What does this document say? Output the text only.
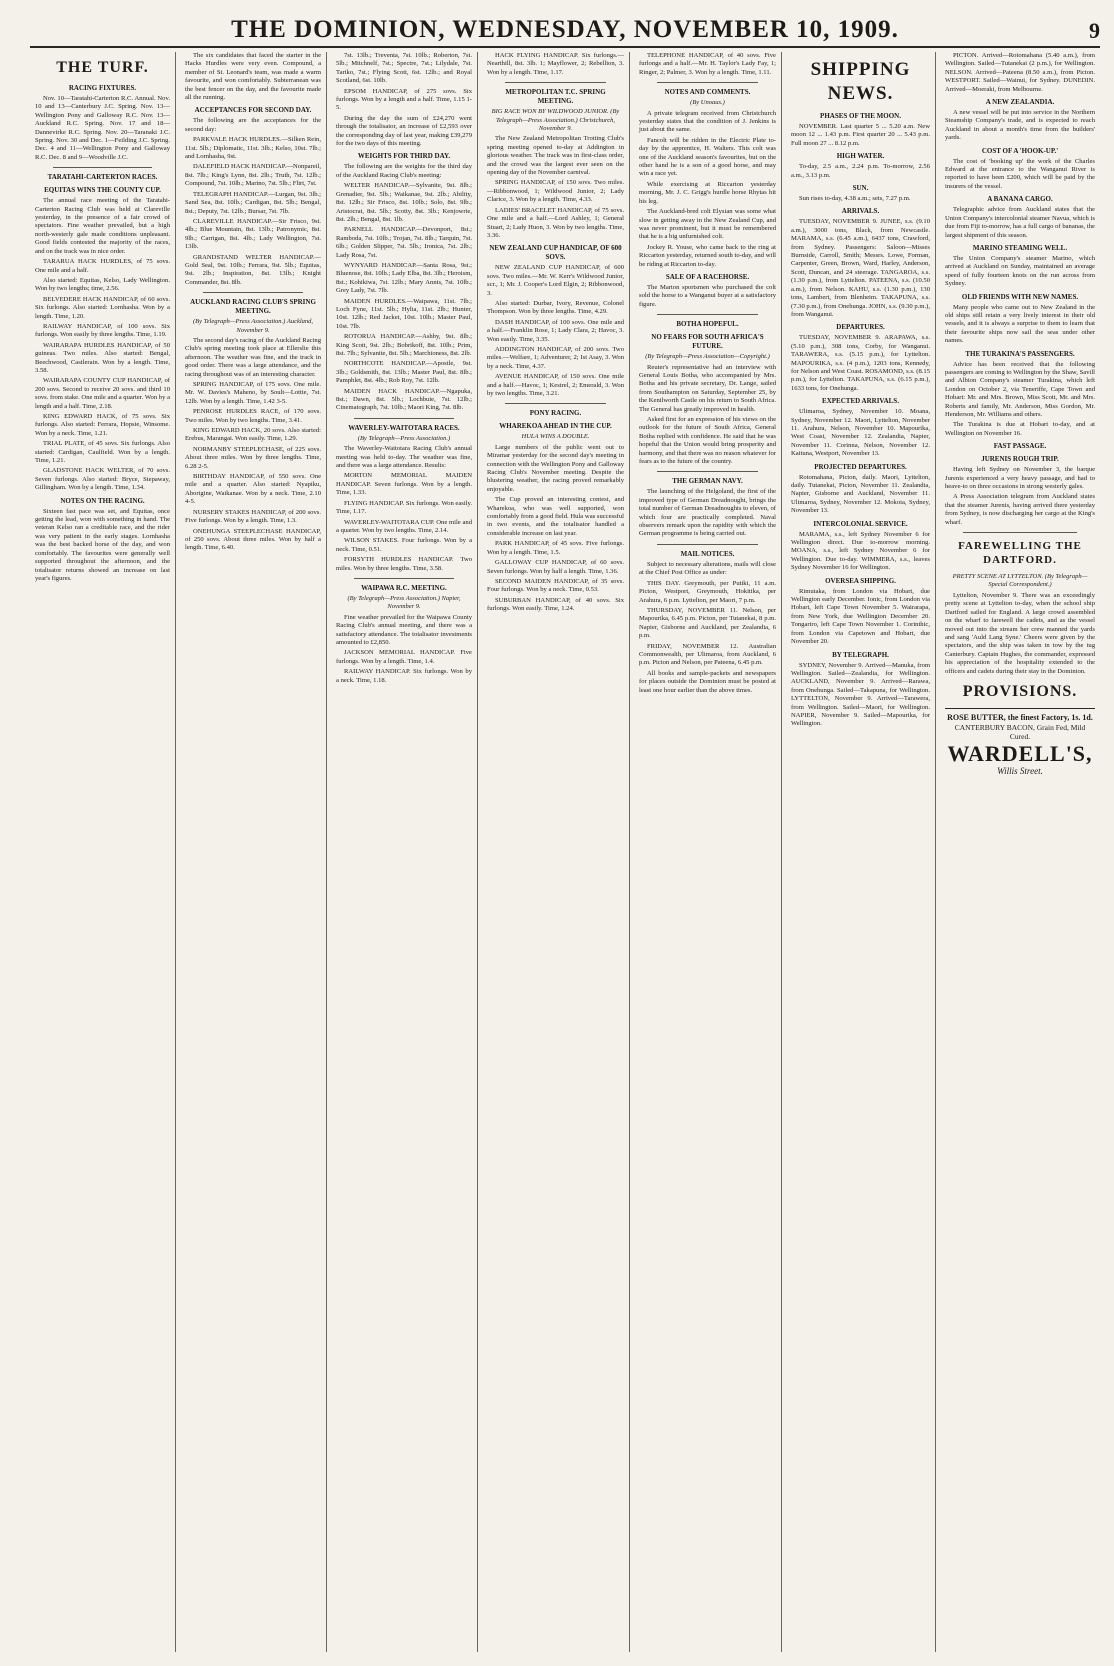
THE DOMINION, WEDNESDAY, NOVEMBER 10, 1909.	9
THE TURF.
RACING FIXTURES.

Nov. 10—Taratahi-Carterton R.C. Annual. Nov. 10 and 13—Canterbury J.C. Spring. Nov. 13—Wellington Pony and Galloway R.C. Nov. 13—Auckland R.C. Spring. Nov. 17 and 18—Dannevirke R.C. Spring. Nov. 20—Taranaki J.C. Spring. Nov. 30 and Dec. 1—Feilding J.C. Spring. Dec. 4 and 11—Wellington Pony and Galloway R.C. Dec. 8 and 9—Woodville J.C.

TARATAHI-CARTERTON RACES.
EQUITAS WINS THE COUNTY CUP.

The annual race meeting of the Taratahi-Carterton Racing Club was held at Clareville yesterday, in the presence of a fair crowd of spectators. Fine weather prevailed, but a high north-westerly gale made conditions unpleasant. Good fields contested the majority of the races, and on the track was in nice order.

TARARUA HACK HURDLES, of 75 sovs. One mile and a half.

Also started: Equitas, Kelso, Lady Wellington. Won by two lengths; time, 2.56.

BELVEDERE HACK HANDICAP, of 60 sovs. Six furlongs. Also started: Lornhasha. Won by a length. Time, 1.20.

RAILWAY HANDICAP, of 100 sovs. Six furlongs. Won easily by three lengths. Time, 1.19.

WAIRARAPA HURDLES HANDICAP, of 50 guineas. Two miles. Also started: Bengal, Beechwood, Castlerain. Won by a length. Time, 3.58.

WAIRARAPA COUNTY CUP HANDICAP, of 200 sovs. Second to receive 20 sovs. and third 10 sovs. from stake. One mile and a quarter. Won by a length and a half. Time, 2.18.

KING EDWARD HACK, of 75 sovs. Six furlongs. Also started: Ferrara, Hopsie, Winsome. Won by a neck. Time, 1.21.

TRIAL PLATE, of 45 sovs. Six furlongs. Also started: Cardigan, Caulfield. Won by a length. Time, 1.21.

GLADSTONE HACK WELTER, of 70 sovs. Seven furlongs. Also started: Bryce, Stepaway, Gillingham. Won by a length. Time, 1.34.

NOTES ON THE RACING.

Sixteen fast pace was set, and Equitas, once getting the lead, won with something in hand. The veteran Kelso ran a creditable race, and the rider was very patient in the early stages. Lornhasha was the best backed horse of the day, and won comfortably. The favourites were generally well supported throughout the afternoon, and the totalisator returns showed an increase on last year's figures.

The six candidates that faced the starter in the Hacks Hurdles were very even. Compound, a member of St. Leonard's team, was made a warm favourite, and won comfortably. Subterranean was the best fencer on the day, and the favourite made all the running.

ACCEPTANCES FOR SECOND DAY.

The following are the acceptances for the second day:

PARKVALE HACK HURDLES.—Silken Rein, 11st. 5lb.; Diplomatic, 11st. 3lb.; Kelso, 10st. 7lb.; and Lornhasha, 9st.

DALEFIELD HACK HANDICAP.—Nonpareil, 8st. 7lb.; King's Lynn, 8st. 2lb.; Truth, 7st. 12lb.; Compound, 7st. 10lb.; Marino, 7st. 5lb.; Flirt, 7st.

TELEGRAPH HANDICAP.—Lurgan, 9st. 3lb.; Sand Sea, 8st. 10lb.; Cardigan, 8st. 5lb.; Bengal, 8st.; Deputy, 7st. 12lb.; Bursar, 7st. 7lb.

CLAREVILLE HANDICAP.—Sir Frisco, 9st. 4lb.; Blue Mountain, 8st. 13lb.; Patronymic, 8st. 9lb.; Carrigan, 8st. 4lb.; Lady Wellington, 7st. 13lb.

GRANDSTAND WELTER HANDICAP.—Gold Seal, 9st. 10lb.; Ferrara, 9st. 5lb.; Equitas, 9st. 2lb.; Inspiration, 8st. 13lb.; Knight Commander, 8st. 8lb.

AUCKLAND RACING CLUB'S SPRING MEETING.
(By Telegraph—Press Association.) Auckland, November 9.

The second day's racing of the Auckland Racing Club's spring meeting took place at Ellerslie this afternoon. The weather was fine, and the track in good order. There was a large attendance, and the racing throughout was of an interesting character.

SPRING HANDICAP, of 175 sovs. One mile. Mr. W. Davies's Maheno, by Soult—Lottie, 7st. 12lb. Won by a length. Time, 1.42 3-5.

PENROSE HURDLES RACE, of 170 sovs. Two miles. Won by two lengths. Time, 3.41.

KING EDWARD HACK, 20 sovs. Also started: Erebus, Marangai. Won easily. Time, 1.29.

NORMANBY STEEPLECHASE, of 225 sovs. About three miles. Won by three lengths. Time, 6.28 2-5.

BIRTHDAY HANDICAP, of 550 sovs. One mile and a quarter. Also started: Nyapiku, Aborigine, Waikanae. Won by a neck. Time, 2.10 4-5.

NURSERY STAKES HANDICAP, of 200 sovs. Five furlongs. Won by a length. Time, 1.3.

ONEHUNGA STEEPLECHASE HANDICAP, of 250 sovs. About three miles. Won by half a length. Time, 6.40.

7st. 13lb.; Treventa, 7st. 10lb.; Roberton, 7st. 5lb.; Mitchnelf, 7st.; Spectre, 7st.; Lilydale, 7st. Tariko, 7st.; Flying Scott, 6st. 12lb.; and Royal Scotland, 6st. 10lb.

EPSOM HANDICAP, of 275 sovs. Six furlongs. Won by a length and a half. Time, 1.15 1-5.

During the day the sum of £24,270 went through the totalisator, an increase of £2,593 over the corresponding day of last year, making £39,279 for the two days of this meeting.

WEIGHTS FOR THIRD DAY.

The following are the weights for the third day of the Auckland Racing Club's meeting:

WELTER HANDICAP.—Sylvanite, 9st. 8lb.; Grenadier, 9st. 5lb.; Waikanae, 9st. 2lb.; Ability, 8st. 12lb.; Sir Frisco, 8st. 10lb.; Solo, 8st. 9lb.; Aristocrat, 8st. 5lb.; Scotty, 8st. 3lb.; Kenjowrie, 8st. 2lb.; Bengal, 8st. 1lb.

PARNELL HANDICAP.—Devonport, 8st.; Ramboda, 7st. 10lb.; Trojan, 7st. 8lb.; Tarquin, 7st. 6lb.; Golden Slipper, 7st. 5lb.; Ironica, 7st. 2lb.; Lady Rosa, 7st.

WYNYARD HANDICAP.—Santa Rosa, 9st.; Bluenose, 8st. 10lb.; Lady Elba, 8st. 3lb.; Heroism, 8st.; Kohikiwa, 7st. 12lb.; Mary Annis, 7st. 10lb.; Grey Lady, 7st. 7lb.

MAIDEN HURDLES.—Waipawa, 11st. 7lb.; Loch Fyne, 11st. 5lb.; Hylia, 11st. 2lb.; Hunter, 10st. 12lb.; Red Jacket, 10st. 10lb.; Master Paul, 10st. 7lb.

ROTORUA HANDICAP.—Ashby, 9st. 8lb.; King Scott, 9st. 2lb.; Bobrikoff, 8st. 10lb.; Prim, 8st. 7lb.; Sylvanite, 8st. 5lb.; Marchioness, 8st. 2lb.

NORTHCOTE HANDICAP.—Apostle, 9st. 3lb.; Goldsmith, 8st. 13lb.; Master Paul, 8st. 8lb.; Pamphlet, 8st. 4lb.; Rob Roy, 7st. 12lb.

MAIDEN HACK HANDICAP.—Ngapuka, 8st.; Dawn, 8st. 5lb.; Lochbuie, 7st. 12lb.; Cinematograph, 7st. 10lb.; Maori King, 7st. 8lb.

WAVERLEY-WAITOTARA RACES.
(By Telegraph—Press Association.)

The Waverley-Waitotara Racing Club's annual meeting was held to-day. The weather was fine, and there was a large attendance. Results:

MORTON MEMORIAL MAIDEN HANDICAP. Seven furlongs. Won by a length. Time, 1.33.

FLYING HANDICAP. Six furlongs. Won easily. Time, 1.17.

WAVERLEY-WAITOTARA CUP. One mile and a quarter. Won by two lengths. Time, 2.14.

WILSON STAKES. Four furlongs. Won by a neck. Time, 0.51.

FORSYTH HURDLES HANDICAP. Two miles. Won by three lengths. Time, 3.58.

WAIPAWA R.C. MEETING.
(By Telegraph—Press Association.) Napier, November 9.

Fine weather prevailed for the Waipawa County Racing Club's annual meeting, and there was a satisfactory attendance. The totalisator investments amounted to £2,850.

JACKSON MEMORIAL HANDICAP. Five furlongs. Won by a length. Time, 1.4.

RAILWAY HANDICAP. Six furlongs. Won by a neck. Time, 1.18.

HACK FLYING HANDICAP. Six furlongs.—Nearthill, 8st. 3lb. 1; Mayflower, 2; Rebellion, 3. Won by a length. Time, 1.17.

METROPOLITAN T.C. SPRING MEETING.
BIG RACE WON BY WILDWOOD JUNIOR. (By Telegraph—Press Association.) Christchurch, November 9.

The New Zealand Metropolitan Trotting Club's spring meeting opened to-day at Addington in glorious weather. The track was in first-class order, and the crowd was the largest ever seen on the opening day of the November carnival.

SPRING HANDICAP, of 150 sovs. Two miles.—Ribbonwood, 1; Wildwood Junior, 2; Lady Clarice, 3. Won by a length. Time, 4.33.

LADIES' BRACELET HANDICAP, of 75 sovs. One mile and a half.—Lord Ashley, 1; General Stuart, 2; Lady Huon, 3. Won by two lengths. Time, 3.36.

NEW ZEALAND CUP HANDICAP, OF 600 SOVS.

NEW ZEALAND CUP HANDICAP, of 600 sovs. Two miles.—Mr. W. Kerr's Wildwood Junior, scr., 1; Mr. J. Cooper's Lord Elgin, 2; Ribbonwood, 3.

Also started: Durbar, Ivory, Revenue, Colonel Thompson. Won by three lengths. Time, 4.29.

DASH HANDICAP, of 100 sovs. One mile and a half.—Franklin Rose, 1; Lady Clara, 2; Havoc, 3. Won easily. Time, 3.35.

ADDINGTON HANDICAP, of 200 sovs. Two miles.—Welfare, 1; Adventurer, 2; Ist Asay, 3. Won by a neck. Time, 4.37.

AVENUE HANDICAP, of 150 sovs. One mile and a half.—Havoc, 1; Kestrel, 2; Emerald, 3. Won by two lengths. Time, 3.21.

PONY RACING.
WHAREKOA AHEAD IN THE CUP.
HULA WINS A DOUBLE.

Large numbers of the public went out to Miramar yesterday for the second day's meeting in connection with the Wellington Pony and Galloway Racing Club's November meeting. Despite the blustering weather, the racing proved remarkably enjoyable.

The Cup proved an interesting contest, and Wharekoa, who was well supported, won comfortably from a good field. Hula was successful in two events, and the totalisator handled a considerable increase on last year.

PARK HANDICAP, of 45 sovs. Five furlongs. Won by a length. Time, 1.5.

GALLOWAY CUP HANDICAP, of 60 sovs. Seven furlongs. Won by half a length. Time, 1.36.

SECOND MAIDEN HANDICAP, of 35 sovs. Four furlongs. Won by a neck. Time, 0.53.

SUBURBAN HANDICAP, of 40 sovs. Six furlongs. Won easily. Time, 1.24.

TELEPHONE HANDICAP, of 40 sovs. Five furlongs and a half.—Mr. H. Taylor's Lady Fay, 1; Ringer, 2; Palmer, 3. Won by a length. Time, 1.11.

NOTES AND COMMENTS.
(By Unoaus.)

A private telegram received from Christchurch yesterday states that the condition of J. Jenkins is just about the same.

Fancolt will be ridden in the Electric Plate to-day by the apprentice, H. Walters. This colt was one of the Auckland season's favourites, but on the other hand he is a son of a good horse, and may win a race yet.

While exercising at Riccarton yesterday morning, Mr. J. C. Grigg's hurdle horse Rhytas hit his leg.

The Auckland-bred colt Elysian was some what slow in getting away in the New Zealand Cup, and was never prominent, but it must be remembered that he is a big unfurnished colt.

Jockey R. Youse, who came back to the ring at Riccarton yesterday, returned south to-day, and will be riding at Riccarton to-day.

SALE OF A RACEHORSE.

The Marton sportsmen who purchased the colt sold the horse to a Wanganui buyer at a satisfactory figure.

BOTHA HOPEFUL.
NO FEARS FOR SOUTH AFRICA'S FUTURE.
(By Telegraph—Press Association—Copyright.)

Reuter's representative had an interview with General Louis Botha, who accompanied by Mrs. Botha and his private secretary, Dr. Lange, sailed from Southampton on Saturday, September 25, by the Kenilworth Castle on his return to South Africa. The General has greatly improved in health.

Asked first for an expression of his views on the outlook for the future of South Africa, General Botha replied with confidence. He said that he was hopeful that the Union would bring prosperity and harmony, and that there was no reason whatever for fears as to the future of the country.

THE GERMAN NAVY.

The launching of the Helgoland, the first of the improved type of German Dreadnought, brings the total number of German Dreadnoughts to eleven, of which four are practically completed. Naval observers remark upon the rapidity with which the German programme is being carried out.

MAIL NOTICES.

Subject to necessary alterations, mails will close at the Chief Post Office as under:

THIS DAY. Greymouth, per Putiki, 11 a.m. Picton, Westport, Greymouth, Hokitika, per Arahura, 6 p.m. Lyttelton, per Maori, 7 p.m.

THURSDAY, NOVEMBER 11. Nelson, per Mapourika, 6.45 p.m. Picton, per Tutanekai, 8 p.m. Napier, Gisborne and Auckland, per Zealandia, 6 p.m.

FRIDAY, NOVEMBER 12. Australian Commonwealth, per Ulimaroa, from Auckland, 6 p.m. Picton and Nelson, per Pateena, 6.45 p.m.

All books and sample-packets and newspapers for places outside the Dominion must be posted at least one hour earlier than the above times.

SHIPPING NEWS.
PHASES OF THE MOON.

NOVEMBER. Last quarter 5 ... 5.20 a.m. New moon 12 ... 1.43 p.m. First quarter 20 ... 5.43 p.m. Full moon 27 ... 8.12 p.m.

HIGH WATER.

To-day, 2.5 a.m., 2.24 p.m. To-morrow, 2.56 a.m., 3.13 p.m.

SUN.

Sun rises to-day, 4.38 a.m.; sets, 7.27 p.m.

ARRIVALS.

TUESDAY, NOVEMBER 9. JUNEE, s.s. (9.10 a.m.), 3000 tons, Black, from Newcastle. MARAMA, s.s. (6.45 a.m.), 6437 tons, Crawford, from Sydney. Passengers: Saloon—Misses Burnside, Carroll, Smith; Messrs. Lowe, Forman, Carpenter, Green, Brown, Ward, Harley, Anderson, Scott, Duncan, and 24 steerage. TANGAROA, s.s. (1.30 p.m.), from Lyttelton. PATEENA, s.s. (10.50 a.m.), from Nelson. KAHU, s.s. (1.30 p.m.), 130 tons, Lambert, from Blenheim. TAKAPUNA, s.s. (7.30 p.m.), from Onehunga. JOHN, s.s. (9.30 p.m.), from Wanganui.

DEPARTURES.

TUESDAY, NOVEMBER 9. ARAPAWA, s.s. (5.10 p.m.), 308 tons, Corby, for Wanganui. TARAWERA, s.s. (5.15 p.m.), for Lyttelton. MAPOURIKA, s.s. (4 p.m.), 1203 tons, Kennedy, for Nelson and West Coast. ROSAMOND, s.s. (8.15 p.m.), for Lyttelton. TAKAPUNA, s.s. (6.15 p.m.), 1633 tons, for Onehunga.

EXPECTED ARRIVALS.

Ulimaroa, Sydney, November 10. Moana, Sydney, November 12. Maori, Lyttelton, November 11. Arahura, Nelson, November 10. Mapourika, West Coast, November 12. Zealandia, Napier, November 11. Corinna, Nelson, November 12. Kaituna, Westport, November 13.

PROJECTED DEPARTURES.

Rotomahana, Picton, daily. Maori, Lyttelton, daily. Tutanekai, Picton, November 11. Zealandia, Napier, Gisborne and Auckland, November 11. Ulimaroa, Sydney, November 12. Mokoia, Sydney, November 13.

INTERCOLONIAL SERVICE.

MARAMA, s.s., left Sydney November 6 for Wellington direct. Due to-morrow morning. MOANA, s.s., left Sydney November 6 for Wellington. Due to-day. WIMMERA, s.s., leaves Sydney November 16 for Wellington.

OVERSEA SHIPPING.

Rimutaka, from London via Hobart, due Wellington early December. Ionic, from London via Hobart, left Cape Town November 5. Wairarapa, from New York, due Wellington December 20. Tongariro, left Cape Town November 1. Corinthic, from London via Capetown and Hobart, due November 20.

BY TELEGRAPH.

SYDNEY, November 9. Arrived—Manuka, from Wellington. Sailed—Zealandia, for Wellington. AUCKLAND, November 9. Arrived—Rarawa, from Onehunga. Sailed—Takapuna, for Wellington. LYTTELTON, November 9. Arrived—Tarawera, from Wellington. Sailed—Maori, for Wellington. NAPIER, November 9. Sailed—Mapourika, for Wellington.

PICTON. Arrived—Rotomahana (5.40 a.m.), from Wellington. Sailed—Tutanekai (2 p.m.), for Wellington. NELSON. Arrived—Pateena (8.50 a.m.), from Picton. WESTPORT. Sailed—Wainui, for Sydney. DUNEDIN. Arrived—Moeraki, from Melbourne.

A NEW ZEALANDIA.

A new vessel will be put into service in the Northern Steamship Company's trade, and is expected to reach Auckland in about a month's time from the builders' yards.

COST OF A 'HOOK-UP.'

The cost of 'booking up' the work of the Charles Edward at the entrance to the Wanganui River is reported to have been £200, which will be paid by the insurers of the vessel.

A BANANA CARGO.

Telegraphic advice from Auckland states that the Union Company's intercolonial steamer Navua, which is due from Fiji to-morrow, has a full cargo of bananas, the largest shipment of this season.

MARINO STEAMING WELL.

The Union Company's steamer Marino, which arrived at Auckland on Sunday, maintained an average speed of fully fourteen knots on the run across from Sydney.

OLD FRIENDS WITH NEW NAMES.

Many people who came out to New Zealand in the old ships still retain a very lively interest in their old vessels, and it is always a surprise to them to learn that their favourite ships now sail the seas under other names.

THE TURAKINA'S PASSENGERS.

Advice has been received that the following passengers are coming to Wellington by the Shaw, Savill and Albion Company's steamer Turakina, which left London on October 2, via Teneriffe, Cape Town and Hobart: Mr. and Mrs. Brown, Miss Scott, Mr. and Mrs. Roberts and family, Mr. Anderson, Miss Gordon, Mr. Henderson, Mr. Williams and others.

The Turakina is due at Hobart to-day, and at Wellington on November 16.

FAST PASSAGE.
JURENIS ROUGH TRIP.

Having left Sydney on November 3, the barque Jurenis experienced a very heavy passage, and had to heave-to on three occasions in strong westerly gales.

A Press Association telegram from Auckland states that the steamer Jurenis, having arrived there yesterday from Sydney, is now discharging her cargo at the King's wharf.

FAREWELLING THE DARTFORD.
PRETTY SCENE AT LYTTELTON. (By Telegraph—Special Correspondent.)

Lyttelton, November 9. There was an exceedingly pretty scene at Lyttelton to-day, when the school ship Dartford sailed for England. A large crowd assembled on the wharf to farewell the cadets, and as the vessel moved out into the stream her crew manned the yards and sang 'Auld Lang Syne.' Cheers were given by the spectators, and the ship was taken in tow by the tug Canterbury. Captain Hughes, the commander, expressed his appreciation of the hospitality extended to the officers and cadets during their stay in the Dominion.

PROVISIONS.
ROSE BUTTER, the finest Factory, 1s. 1d.
CANTERBURY BACON, Grain Fed, Mild Cured.
WARDELL'S,
Willis Street.
